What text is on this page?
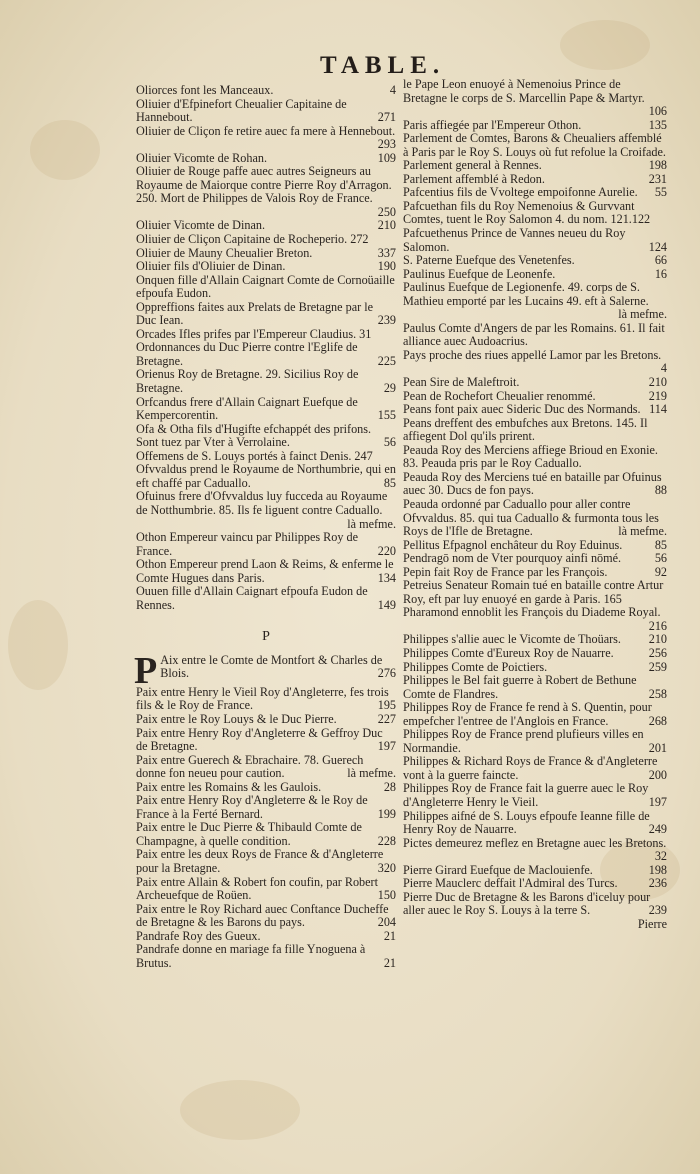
TABLE.
Oliorces font les Manceaux.	4
Oliuier d'Efpinefort Cheualier Capitaine de Hannebout.	271
Oliuier de Cliçon fe retire auec fa mere à Hennebout.
293
Oliuier Vicomte de Rohan.	109
Oliuier de Rouge paffe auec autres Seigneurs au Royaume de Maiorque contre Pierre Roy d'Arragon. 250. Mort de Philippes de Valois Roy de France.
250
Oliuier Vicomte de Dinan.	210
Oliuier de Cliçon Capitaine de Rocheperio. 272
Oliuier de Mauny Cheualier Breton.	337
Oliuier fils d'Oliuier de Dinan.	190
Onquen fille d'Allain Caignart Comte de Cornoüaille efpoufa Eudon.
Oppreffions faites aux Prelats de Bretagne par le Duc Iean.	239
Orcades Ifles prifes par l'Empereur Claudius. 31
Ordonnances du Duc Pierre contre l'Eglife de Bretagne.	225
Orienus Roy de Bretagne. 29. Sicilius Roy de Bretagne.	29
Orfcandus frere d'Allain Caignart Euefque de Kempercorentin.	155
Ofa & Otha fils d'Hugifte efchappét des prifons. Sont tuez par Vter à Verrolaine.	56
Offemens de S. Louys portés à fainct Denis. 247
Ofvvaldus prend le Royaume de Northumbrie, qui en eft chaffé par Caduallo.	85
Ofuinus frere d'Ofvvaldus luy fucceda au Royaume de Notthumbrie. 85. Ils fe liguent contre Caduallo.
là mefme.
Othon Empereur vaincu par Philippes Roy de France.	220
Othon Empereur prend Laon & Reims, & enferme le Comte Hugues dans Paris.	134
Ouuen fille d'Allain Caignart efpoufa Eudon de Rennes.	149
P
P Aix entre le Comte de Montfort & Charles de Blois.	276
Paix entre Henry le Vieil Roy d'Angleterre, fes trois fils & le Roy de France.	195
Paix entre le Roy Louys & le Duc Pierre.	227
Paix entre Henry Roy d'Angleterre & Geffroy Duc de Bretagne.	197
Paix entre Guerech & Ebrachaire. 78. Guerech donne fon neueu pour caution.	là mefme.
Paix entre les Romains & les Gaulois.	28
Paix entre Henry Roy d'Angleterre & le Roy de France à la Ferté Bernard.	199
Paix entre le Duc Pierre & Thibauld Comte de Champagne, à quelle condition.	228
Paix entre les deux Roys de France & d'Angleterre pour la Bretagne.	320
Paix entre Allain & Robert fon coufin, par Robert Archeuefque de Roüen.	150
Paix entre le Roy Richard auec Conftance Ducheffe de Bretagne & les Barons du pays.	204
Pandrafe Roy des Gueux.	21
Pandrafe donne en mariage fa fille Ynoguena à Brutus.	21
le Pape Leon enuoyé à Nemenoius Prince de Bretagne le corps de S. Marcellin Pape & Martyr.
106
Paris affiegée par l'Empereur Othon.	135
Parlement de Comtes, Barons & Cheualiers affemblé à Paris par le Roy S. Louys où fut refolue la Croifade.
Parlement general à Rennes.	198
Parlement affemblé à Redon.	231
Pafcentius fils de Vvoltege empoifonne Aurelie. 55
Pafcuethan fils du Roy Nemenoius & Gurvvant Comtes, tuent le Roy Salomon 4. du nom. 121.122
Pafcuethenus Prince de Vannes neueu du Roy Salomon.	124
S. Paterne Euefque des Venetenfes.	66
Paulinus Euefque de Leonenfe.	16
Paulinus Euefque de Legionenfe. 49. corps de S. Mathieu emporté par les Lucains 49. eft à Salerne.
là mefme.
Paulus Comte d'Angers de par les Romains. 61. Il fait alliance auec Audoacrius.
Pays proche des riues appellé Lamor par les Bretons.
4
Pean Sire de Maleftroit.	210
Pean de Rochefort Cheualier renommé.	219
Peans font paix auec Sideric Duc des Normands. 114
Peans dreffent des embufches aux Bretons. 145. Il affiegent Dol qu'ils prirent.
Peauda Roy des Merciens affiege Brioud en Exonie. 83. Peauda pris par le Roy Caduallo.
Peauda Roy des Merciens tué en bataille par Ofuinus auec 30. Ducs de fon pays.	88
Peauda ordonné par Caduallo pour aller contre Ofvvaldus. 85. qui tua Caduallo & furmonta tous les Roys de l'Ifle de Bretagne.	là mefme.
Pellitus Efpagnol enchâteur du Roy Eduinus.	85
Pendragō nom de Vter pourquoy ainfi nōmé.	56
Pepin fait Roy de France par les François.	92
Petreius Senateur Romain tué en bataille contre Artur Roy, eft par luy enuoyé en garde à Paris. 165
Pharamond ennoblit les François du Diademe Royal.
216
Philippes s'allie auec le Vicomte de Thoüars. 210
Philippes Comte d'Eureux Roy de Nauarre.	256
Philippes Comte de Poictiers.	259
Philippes le Bel fait guerre à Robert de Bethune Comte de Flandres.	258
Philippes Roy de France fe rend à S. Quentin, pour empefcher l'entree de l'Anglois en France.	268
Philippes Roy de France prend plufieurs villes en Normandie.	201
Philippes & Richard Roys de France & d'Angleterre vont à la guerre faincte.	200
Philippes Roy de France fait la guerre auec le Roy d'Angleterre Henry le Vieil.	197
Philippes aifné de S. Louys efpoufe Ieanne fille de Henry Roy de Nauarre.	249
Pictes demeurez meflez en Bretagne auec les Bretons.
32
Pierre Girard Euefque de Maclouienfe.	198
Pierre Mauclerc deffait l'Admiral des Turcs.	236
Pierre Duc de Bretagne & les Barons d'iceluy pour aller auec le Roy S. Louys à la terre S.	239
Pierre
